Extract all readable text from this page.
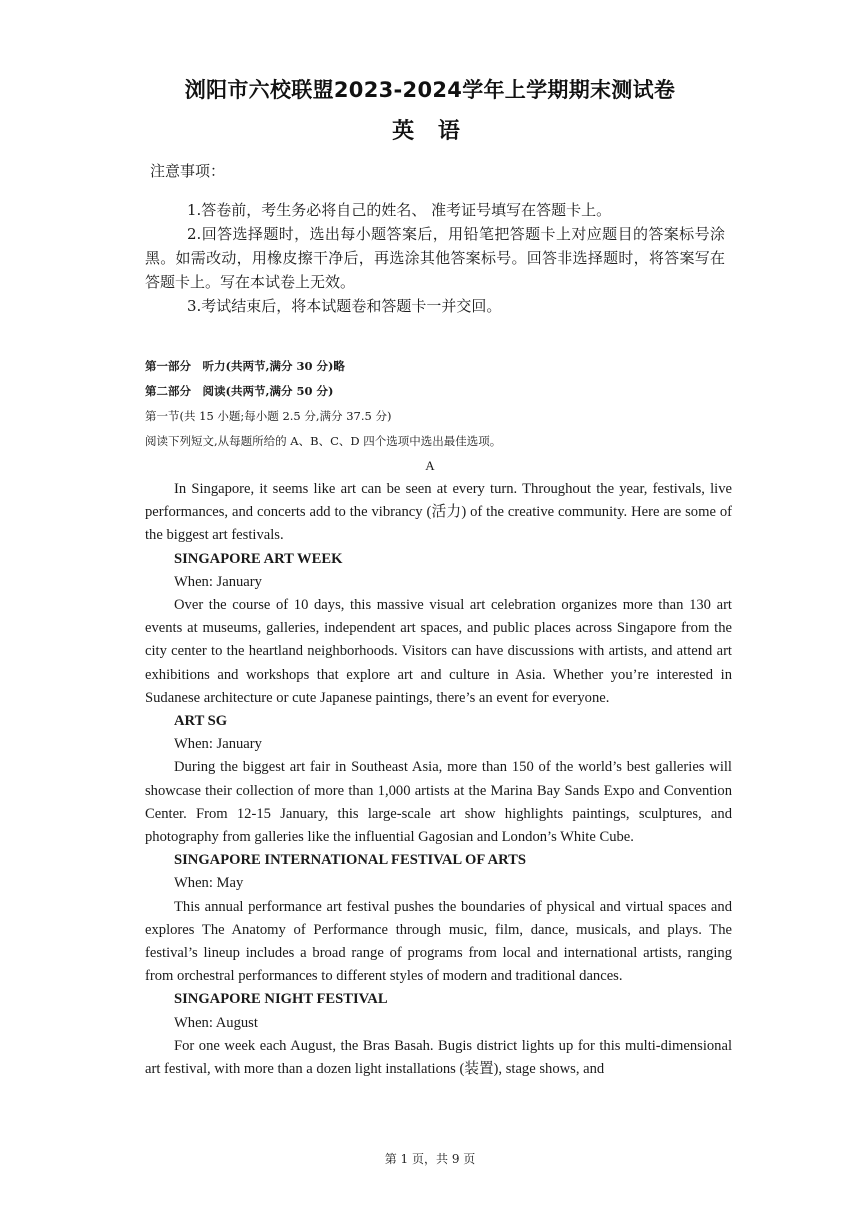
浏阳市六校联盟2023-2024学年上学期期末测试卷
英 语
注意事项：

1.答卷前，考生务必将自己的姓名、 准考证号填写在答题卡上。

2.回答选择题时，选出每小题答案后，用铅笔把答题卡上对应题目的答案标号涂黑。如需改动，用橡皮擦干净后，再选涂其他答案标号。回答非选择题时，将答案写在答题卡上。写在本试卷上无效。

3.考试结束后，将本试题卷和答题卡一并交回。

第一部分　听力(共两节,满分 30 分)略
第二部分　阅读(共两节,满分 50 分)
第一节(共 15 小题;每小题 2.5 分,满分 37.5 分)
阅读下列短文,从每题所给的 A、B、C、D 四个选项中选出最佳选项。
A

In Singapore, it seems like art can be seen at every turn. Throughout the year, festivals, live performances, and concerts add to the vibrancy (活力) of the creative community. Here are some of the biggest art festivals.

SINGAPORE ART WEEK

When: January

Over the course of 10 days, this massive visual art celebration organizes more than 130 art events at museums, galleries, independent art spaces, and public places across Singapore from the city center to the heartland neighborhoods. Visitors can have discussions with artists, and attend art exhibitions and workshops that explore art and culture in Asia. Whether you’re interested in Sudanese architecture or cute Japanese paintings, there’s an event for everyone.

ART SG

When: January

During the biggest art fair in Southeast Asia, more than 150 of the world’s best galleries will showcase their collection of more than 1,000 artists at the Marina Bay Sands Expo and Convention Center. From 12-15 January, this large-scale art show highlights paintings, sculptures, and photography from galleries like the influential Gagosian and London’s White Cube.

SINGAPORE INTERNATIONAL FESTIVAL OF ARTS

When: May

This annual performance art festival pushes the boundaries of physical and virtual spaces and explores The Anatomy of Performance through music, film, dance, musicals, and plays. The festival’s lineup includes a broad range of programs from local and international artists, ranging from orchestral performances to different styles of modern and traditional dances.

SINGAPORE NIGHT FESTIVAL

When: August

For one week each August, the Bras Basah. Bugis district lights up for this multi-dimensional art festival, with more than a dozen light installations (装置), stage shows, and

第 1 页，共 9 页
